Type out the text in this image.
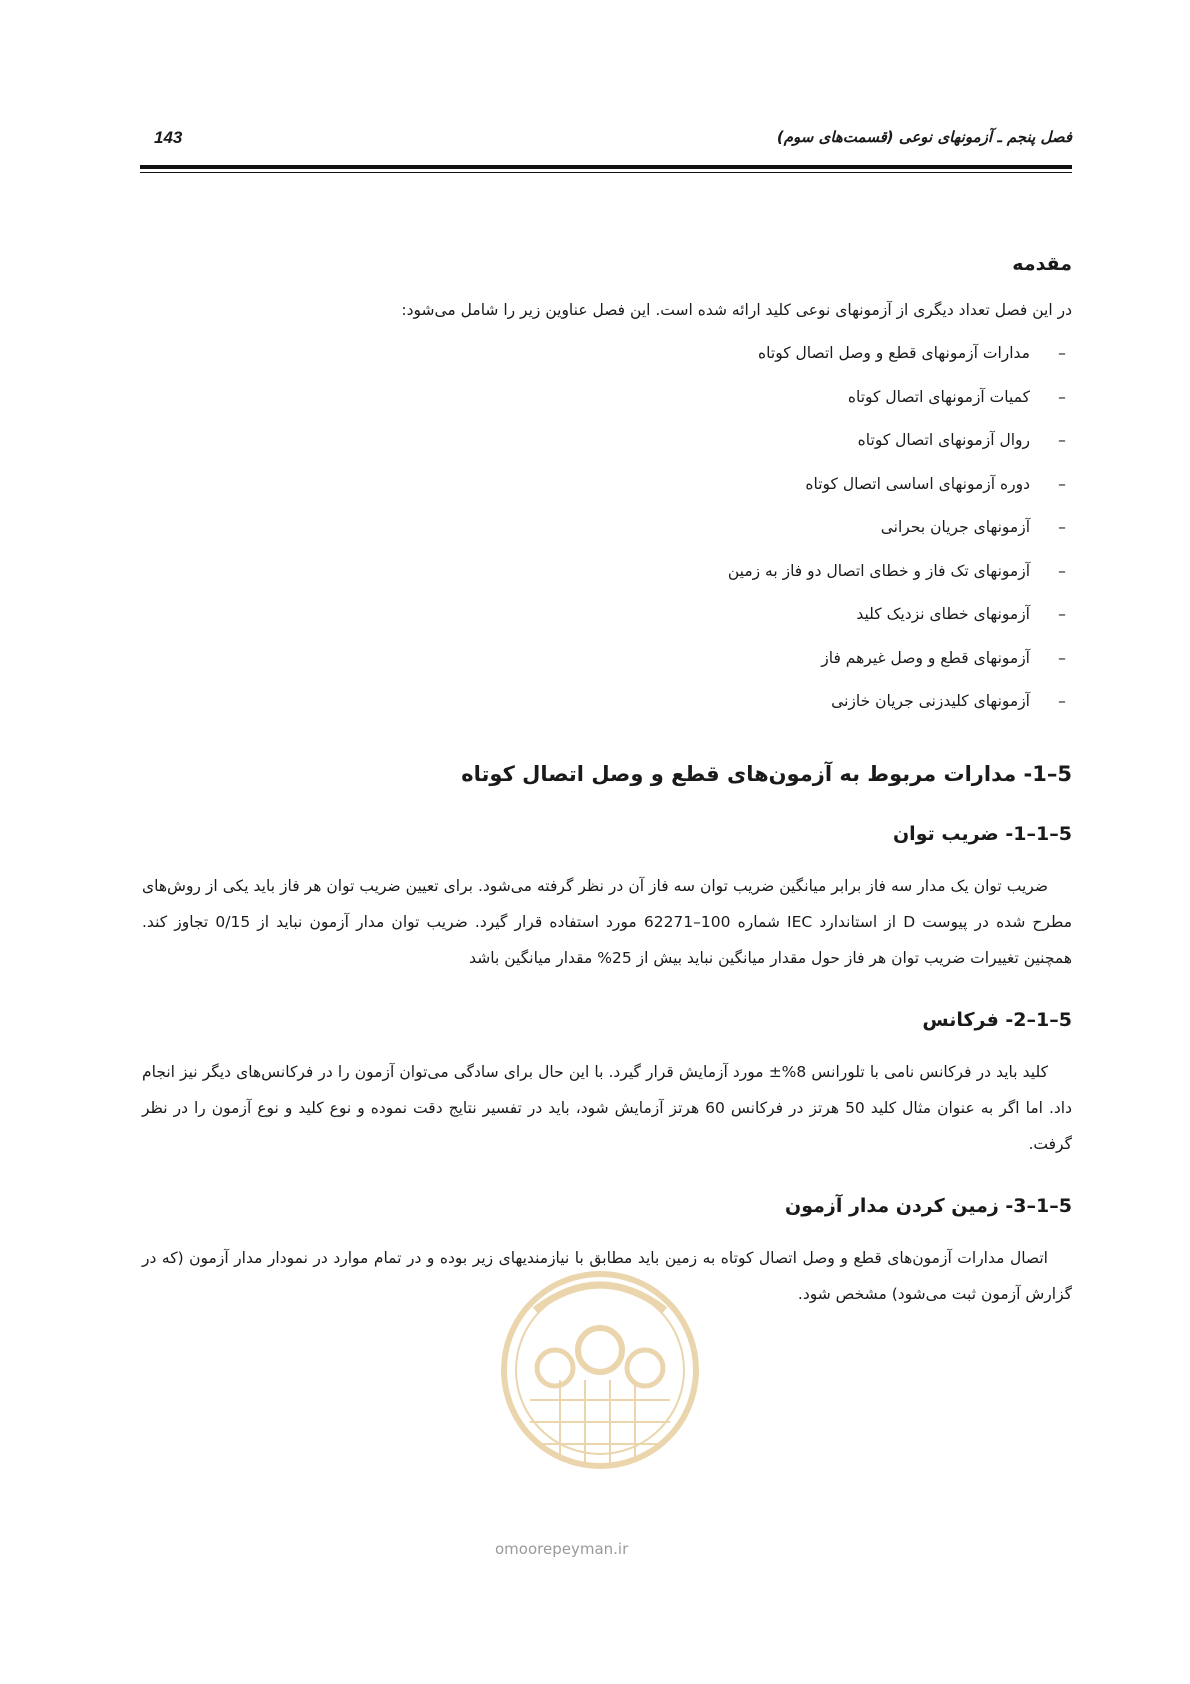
143	فصل پنجم ـ آزمونهای نوعی (قسمت‌های سوم)
مقدمه

در این فصل تعداد دیگری از آزمونهای نوعی کلید ارائه شده است. این فصل عناوین زیر را شامل می‌شود:

–
مدارات آزمونهای قطع و وصل اتصال کوتاه
–
کمیات آزمونهای اتصال کوتاه
–
روال آزمونهای اتصال کوتاه
–
دوره آزمونهای اساسی اتصال کوتاه
–
آزمونهای جریان بحرانی
–
آزمونهای تک فاز و خطای اتصال دو فاز به زمین
–
آزمونهای خطای نزدیک کلید
–
آزمونهای قطع و وصل غیرهم فاز
–
آزمونهای کلیدزنی جریان خازنی
5–1- مدارات مربوط به آزمون‌های قطع و وصل اتصال کوتاه
5–1–1- ضریب توان

ضریب توان یک مدار سه فاز برابر میانگین ضریب توان سه فاز آن در نظر گرفته می‌شود. برای تعیین ضریب توان هر فاز باید یکی از روش‌های مطرح شده در پیوست D از استاندارد IEC شماره 100–62271 مورد استفاده قرار گیرد. ضریب توان مدار آزمون نباید از 0/15 تجاوز کند. همچنین تغییرات ضریب توان هر فاز حول مقدار میانگین نباید بیش از 25% مقدار میانگین باشد

5–1–2- فرکانس

کلید باید در فرکانس نامی با تلورانس 8%± مورد آزمایش قرار گیرد. با این حال برای سادگی می‌توان آزمون را در فرکانس‌های دیگر نیز انجام داد. اما اگر به عنوان مثال کلید 50 هرتز در فرکانس 60 هرتز آزمایش شود، باید در تفسیر نتایج دقت نموده و نوع کلید و نوع آزمون را در نظر گرفت.

5–1–3- زمین کردن مدار آزمون

اتصال مدارات آزمون‌های قطع و وصل اتصال کوتاه به زمین باید مطابق با نیازمندیهای زیر بوده و در تمام موارد در نمودار مدار آزمون (که در گزارش آزمون ثبت می‌شود) مشخص شود.

omoorepeyman.ir
